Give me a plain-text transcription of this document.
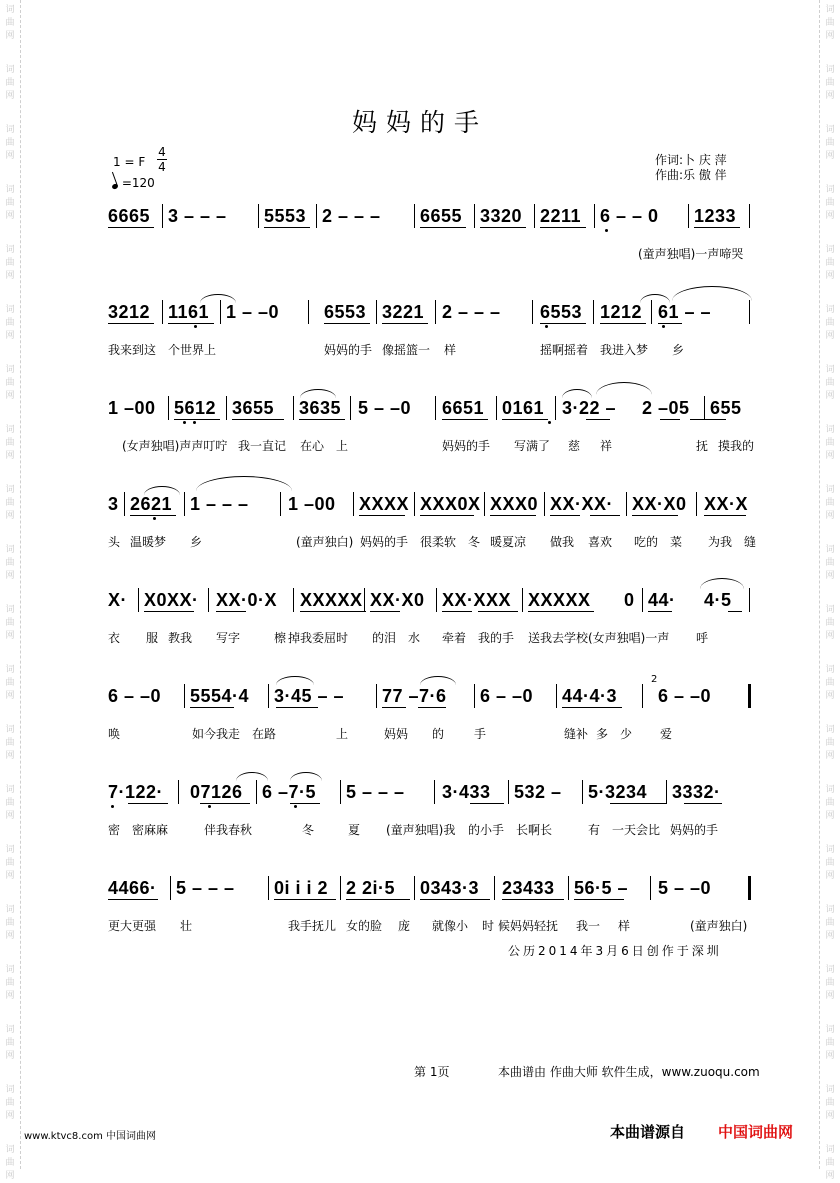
妈妈的手
1 = F
4
4
=120
作词:卜 庆 萍
作曲:乐 傲 伴
6665 3 – – – 5553 2 – – – 6655 3320 2211 6 – – 0 1233
(童声独唱)一声啼哭
3212 1161 1 – –0 6553 3221 2 – – – 6553 1212 61 – –
我来到这 个世界上	妈妈的手 像摇篮一 样	摇啊摇着 我进入梦 乡
1 –00 5612 3655 3635 5 – –0 6651 0161 3·22 – 2 –05 655
(女声独唱)声声叮咛 我一直记 在心 上	妈妈的手 写满了 慈 祥	抚 摸我的
3 2621 1 – – – 1 –00 XXXX XXX0X XXX0 XX·XX· XX·X0 XX·X
头 温暖梦 乡	(童声独白) 妈妈的手 很柔软 冬 暖夏凉 做我 喜欢 吃的 菜 为我 缝
X· X0XX· XX·0·X XXXXX XX·X0 XX·XXX XXXXX 0 44· 4·5
衣 服 教我 写字	檫 掉我委屈时 的泪 水 牵着 我的手 送我去学校 (女声独唱)一声 呼
6 – –0 5554·4 3·45 – – 77 –7·6 6 – –0 44·4·3 6 – –0
2
唤	如今我走 在路	上	妈妈 的 手	缝补 多 少 爱
7·122· 07126 6 –7·5 5 – – – 3·433 532 – 5·3234 3332·
密 密麻麻	伴我春秋	冬	夏 (童声独唱)我 的小手 长啊长	有 一天会比 妈妈的手
4466· 5 – – – 0i i i 2 2 2i·5 0343·3 23433 56·5 – 5 – –0
更大更强 壮	我手抚儿 女的脸 庞 就像小 时 候妈妈轻抚 我一 样	(童声独白)
公历2014年3月6日创作于深圳
第 1页	本曲谱由 作曲大师 软件生成，www.zuoqu.com
www.ktvc8.com 中国词曲网	本曲谱源自 中国词曲网
词
曲
网
词
曲
网
词
曲
网
词
曲
网
词
曲
网
词
曲
网
词
曲
网
词
曲
网
词
曲
网
词
曲
网
词
曲
网
词
曲
网
词
曲
网
词
曲
网
词
曲
网
词
曲
网
词
曲
网
词
曲
网
词
曲
网
词
曲
网
词
曲
网
词
曲
网
词
曲
网
词
曲
网
词
曲
网
词
曲
网
词
曲
网
词
曲
网
词
曲
网
词
曲
网
词
曲
网
词
曲
网
词
曲
网
词
曲
网
词
曲
网
词
曲
网
词
曲
网
词
曲
网
词
曲
网
词
曲
网
